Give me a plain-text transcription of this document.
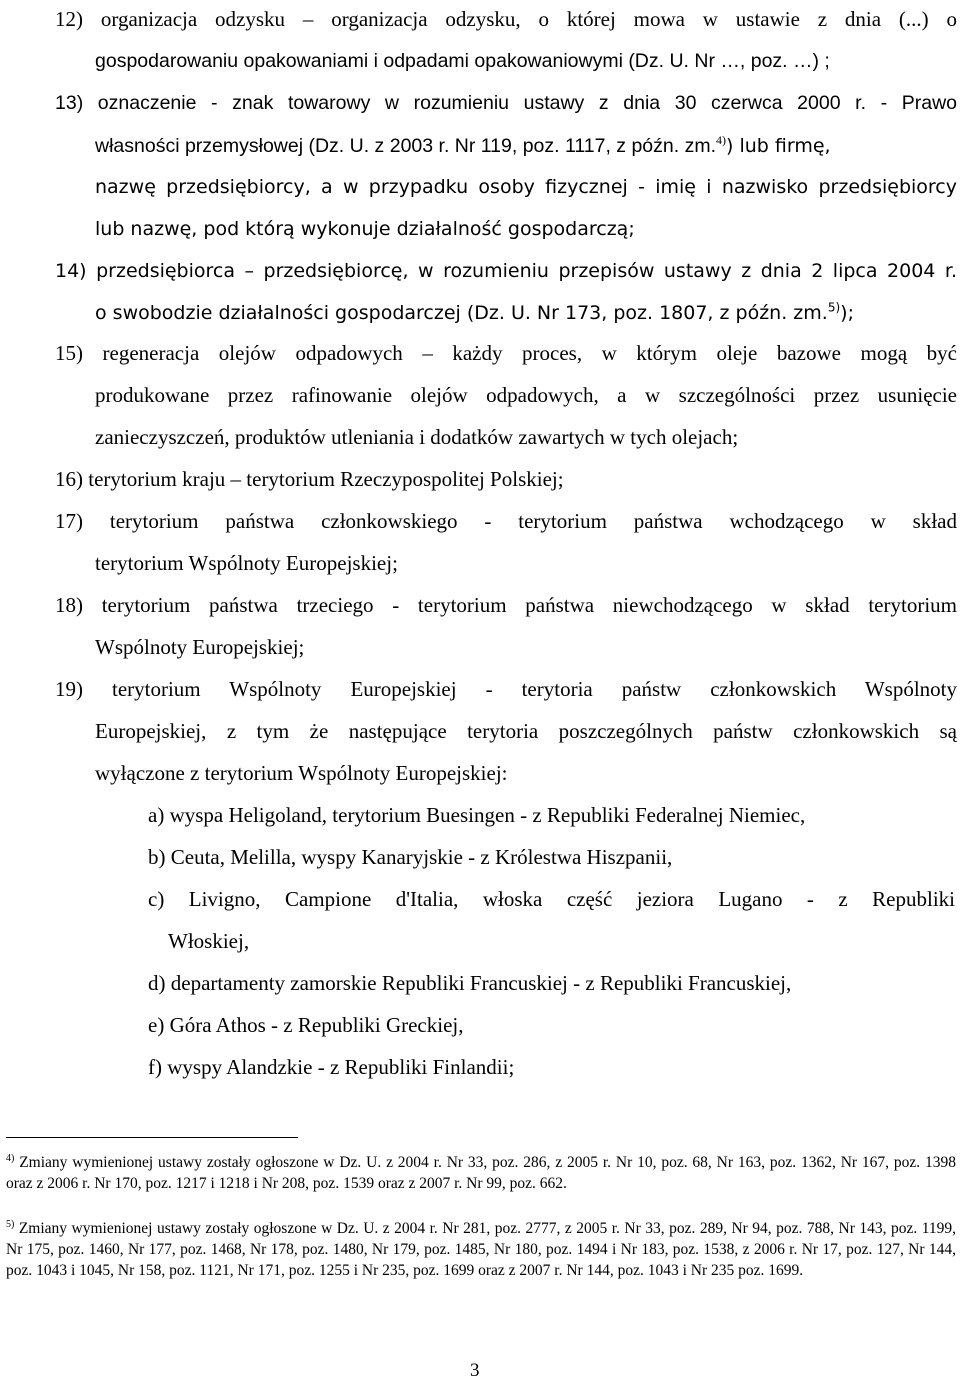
12) organizacja odzysku – organizacja odzysku, o której mowa w ustawie z dnia (...) o
gospodarowaniu opakowaniami i odpadami opakowaniowymi (Dz. U. Nr …, poz. …) ;
13) oznaczenie - znak towarowy w rozumieniu ustawy z dnia 30 czerwca 2000 r. - Prawo
własności przemysłowej (Dz. U. z 2003 r. Nr 119, poz. 1117, z późn. zm.$^{4)}$) lub firmę,
nazwę przedsiębiorcy, a w przypadku osoby fizycznej - imię i nazwisko przedsiębiorcy
lub nazwę, pod którą wykonuje działalność gospodarczą;
14) przedsiębiorca – przedsiębiorcę, w rozumieniu przepisów ustawy z dnia 2 lipca 2004 r.
o swobodzie działalności gospodarczej (Dz. U. Nr 173, poz. 1807, z późn. zm.$^{5)}$);
15) regeneracja olejów odpadowych – każdy proces, w którym oleje bazowe mogą być
produkowane przez rafinowanie olejów odpadowych, a w szczególności przez usunięcie
zanieczyszczeń, produktów utleniania i dodatków zawartych w tych olejach;
16) terytorium kraju – terytorium Rzeczypospolitej Polskiej;
17) terytorium państwa członkowskiego - terytorium państwa wchodzącego w skład
terytorium Wspólnoty Europejskiej;
18) terytorium państwa trzeciego - terytorium państwa niewchodzącego w skład terytorium
Wspólnoty Europejskiej;
19) terytorium Wspólnoty Europejskiej - terytoria państw członkowskich Wspólnoty
Europejskiej, z tym że następujące terytoria poszczególnych państw członkowskich są
wyłączone z terytorium Wspólnoty Europejskiej:
a) wyspa Heligoland, terytorium Buesingen - z Republiki Federalnej Niemiec,
b) Ceuta, Melilla, wyspy Kanaryjskie - z Królestwa Hiszpanii,
c) Livigno, Campione d'Italia, włoska część jeziora Lugano - z Republiki
Włoskiej,
d) departamenty zamorskie Republiki Francuskiej - z Republiki Francuskiej,
e) Góra Athos - z Republiki Greckiej,
f) wyspy Alandzkie - z Republiki Finlandii;
$^{4)}$ Zmiany wymienionej ustawy zostały ogłoszone w Dz. U. z 2004 r. Nr 33, poz. 286, z 2005 r. Nr 10, poz. 68, Nr 163, poz. 1362, Nr 167, poz. 1398 oraz z 2006 r. Nr 170, poz. 1217 i 1218 i Nr 208, poz. 1539 oraz z 2007 r. Nr 99, poz. 662.
$^{5)}$ Zmiany wymienionej ustawy zostały ogłoszone w Dz. U. z 2004 r. Nr 281, poz. 2777, z 2005 r. Nr 33, poz. 289, Nr 94, poz. 788, Nr 143, poz. 1199, Nr 175, poz. 1460, Nr 177, poz. 1468, Nr 178, poz. 1480, Nr 179, poz. 1485, Nr 180, poz. 1494 i Nr 183, poz. 1538, z 2006 r. Nr 17, poz. 127, Nr 144, poz. 1043 i 1045, Nr 158, poz. 1121, Nr 171, poz. 1255 i Nr 235, poz. 1699 oraz z 2007 r. Nr 144, poz. 1043 i Nr 235 poz. 1699.
3
